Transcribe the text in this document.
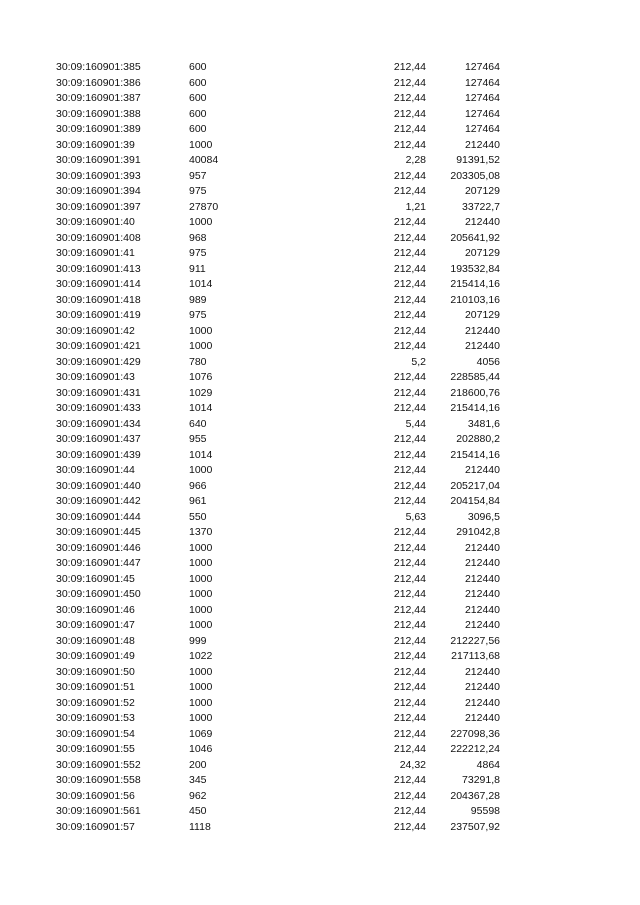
30:09:160901:385	600		212,44	127464
30:09:160901:386	600		212,44	127464
30:09:160901:387	600		212,44	127464
30:09:160901:388	600		212,44	127464
30:09:160901:389	600		212,44	127464
30:09:160901:39	1000		212,44	212440
30:09:160901:391	40084		2,28	91391,52
30:09:160901:393	957		212,44	203305,08
30:09:160901:394	975		212,44	207129
30:09:160901:397	27870		1,21	33722,7
30:09:160901:40	1000		212,44	212440
30:09:160901:408	968		212,44	205641,92
30:09:160901:41	975		212,44	207129
30:09:160901:413	911		212,44	193532,84
30:09:160901:414	1014		212,44	215414,16
30:09:160901:418	989		212,44	210103,16
30:09:160901:419	975		212,44	207129
30:09:160901:42	1000		212,44	212440
30:09:160901:421	1000		212,44	212440
30:09:160901:429	780		5,2	4056
30:09:160901:43	1076		212,44	228585,44
30:09:160901:431	1029		212,44	218600,76
30:09:160901:433	1014		212,44	215414,16
30:09:160901:434	640		5,44	3481,6
30:09:160901:437	955		212,44	202880,2
30:09:160901:439	1014		212,44	215414,16
30:09:160901:44	1000		212,44	212440
30:09:160901:440	966		212,44	205217,04
30:09:160901:442	961		212,44	204154,84
30:09:160901:444	550		5,63	3096,5
30:09:160901:445	1370		212,44	291042,8
30:09:160901:446	1000		212,44	212440
30:09:160901:447	1000		212,44	212440
30:09:160901:45	1000		212,44	212440
30:09:160901:450	1000		212,44	212440
30:09:160901:46	1000		212,44	212440
30:09:160901:47	1000		212,44	212440
30:09:160901:48	999		212,44	212227,56
30:09:160901:49	1022		212,44	217113,68
30:09:160901:50	1000		212,44	212440
30:09:160901:51	1000		212,44	212440
30:09:160901:52	1000		212,44	212440
30:09:160901:53	1000		212,44	212440
30:09:160901:54	1069		212,44	227098,36
30:09:160901:55	1046		212,44	222212,24
30:09:160901:552	200		24,32	4864
30:09:160901:558	345		212,44	73291,8
30:09:160901:56	962		212,44	204367,28
30:09:160901:561	450		212,44	95598
30:09:160901:57	1118		212,44	237507,92
